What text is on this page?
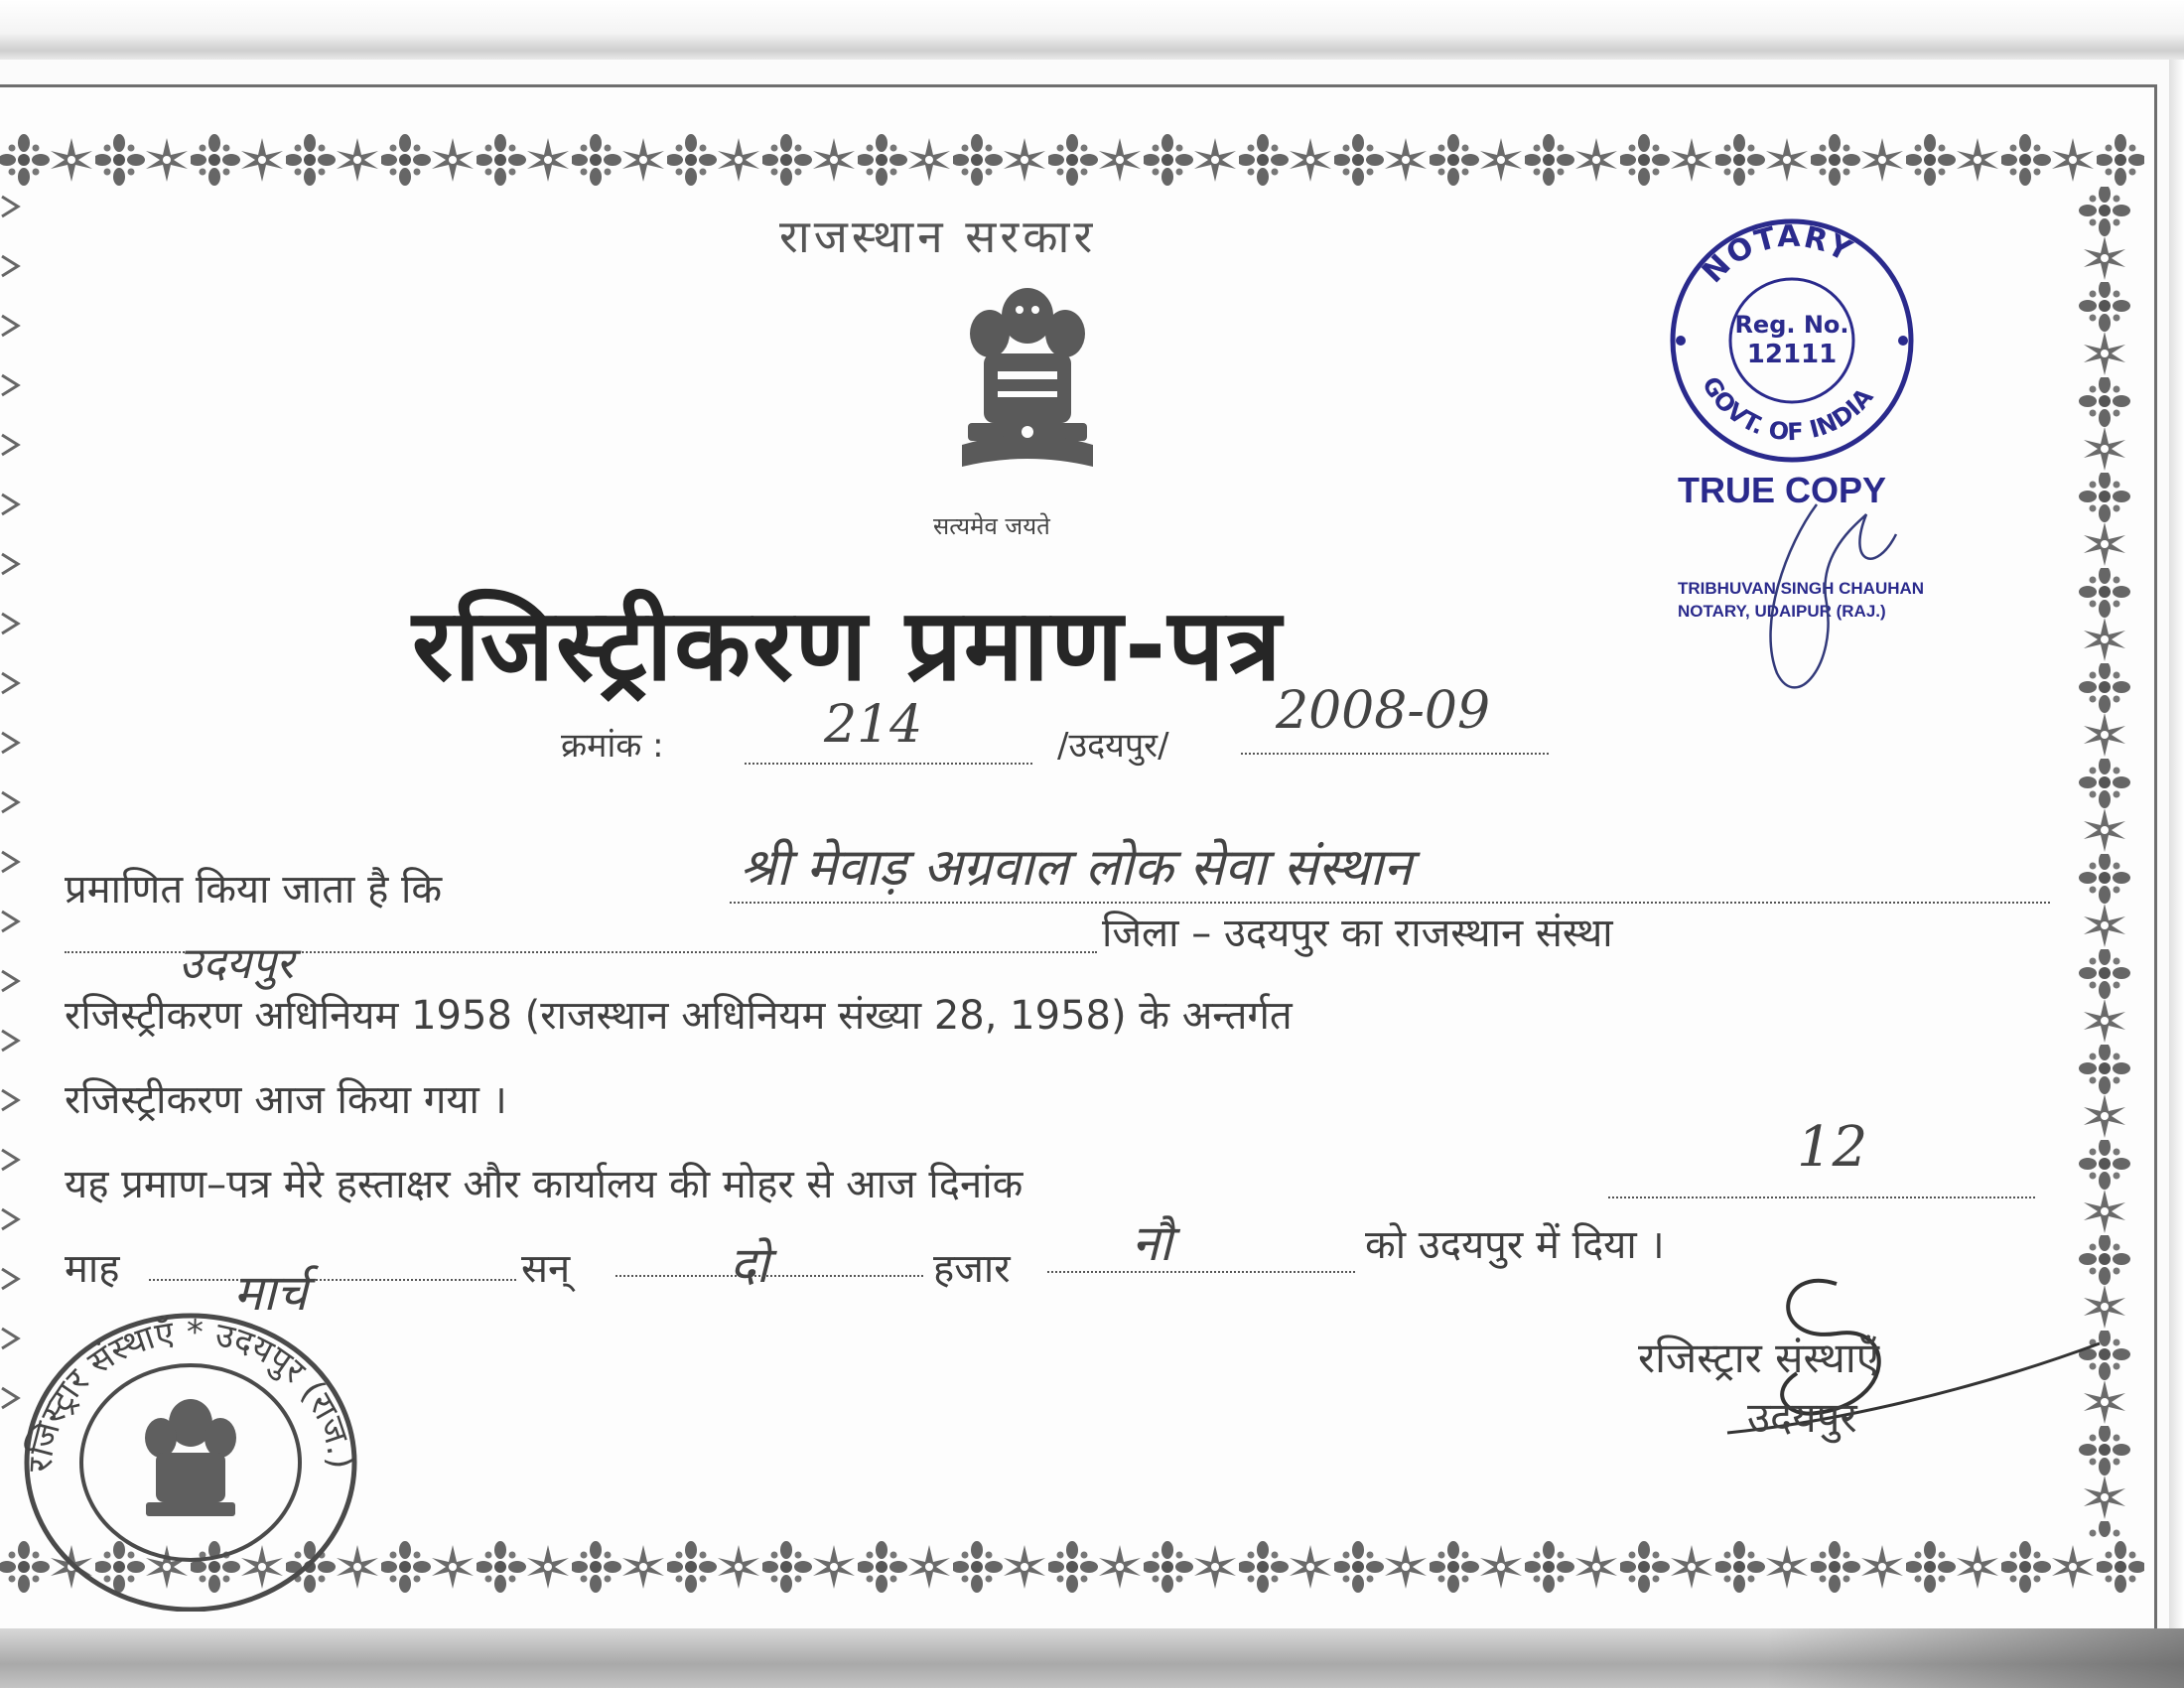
राजस्थान सरकार
सत्यमेव जयते
रजिस्ट्रीकरण प्रमाण-पत्र
क्रमांक :	214	/उदयपुर/
2008-09
प्रमाणित किया जाता है कि	श्री मेवाड़ अग्रवाल लोक सेवा संस्थान
उदयपुर
जिला – उदयपुर का राजस्थान संस्था
रजिस्ट्रीकरण अधिनियम 1958 (राजस्थान अधिनियम संख्या 28, 1958) के अन्तर्गत
रजिस्ट्रीकरण आज किया गया ।
यह प्रमाण–पत्र मेरे हस्ताक्षर और कार्यालय की मोहर से आज दिनांक
12
माह मार्च	सन्	दो	हजार नौ	को उदयपुर में दिया ।
रजिस्ट्रार संस्थाएँ
उदयपुर
रजिस्ट्रार संस्थाएँ * उदयपुर (राज.)
NOTARY
GOVT. OF INDIA
Reg. No.
12111
TRUE COPY
TRIBHUVAN SINGH CHAUHAN
NOTARY, UDAIPUR (RAJ.)
